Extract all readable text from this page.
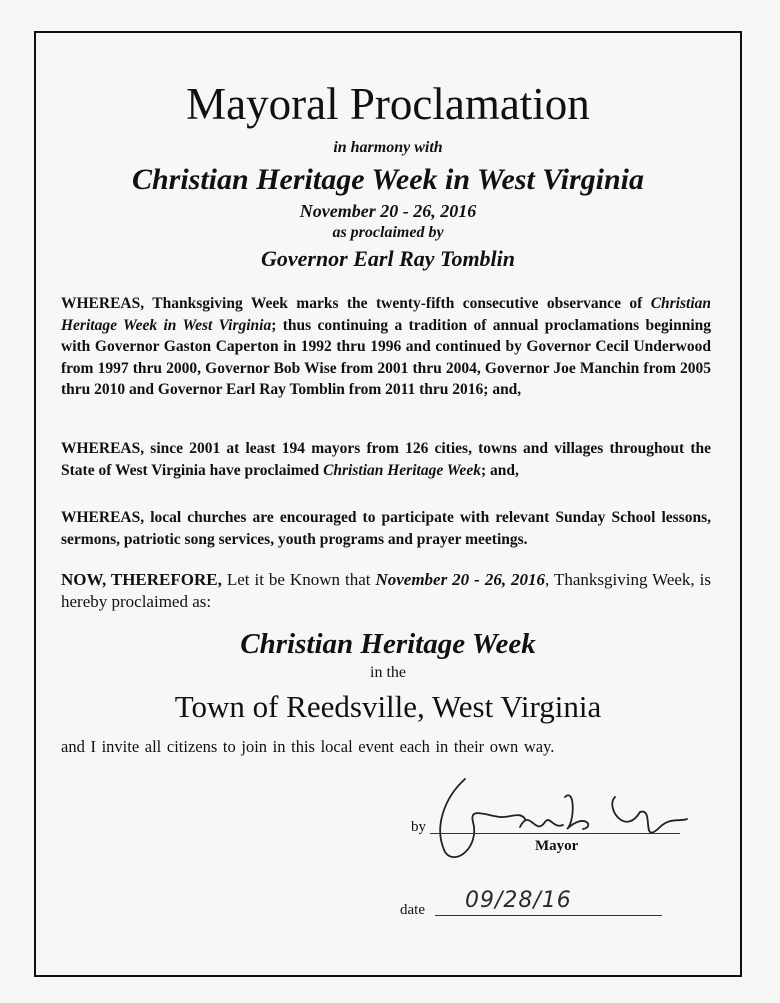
Mayoral Proclamation
in harmony with
Christian Heritage Week in West Virginia
November 20 - 26, 2016
as proclaimed by
Governor Earl Ray Tomblin
WHEREAS, Thanksgiving Week marks the twenty-fifth consecutive observance of Christian Heritage Week in West Virginia; thus continuing a tradition of annual proclamations beginning with Governor Gaston Caperton in 1992 thru 1996 and continued by Governor Cecil Underwood from 1997 thru 2000, Governor Bob Wise from 2001 thru 2004, Governor Joe Manchin from 2005 thru 2010 and Governor Earl Ray Tomblin from 2011 thru 2016; and,
WHEREAS, since 2001 at least 194 mayors from 126 cities, towns and villages throughout the State of West Virginia have proclaimed Christian Heritage Week; and,
WHEREAS, local churches are encouraged to participate with relevant Sunday School lessons, sermons, patriotic song services, youth programs and prayer meetings.
NOW, THEREFORE, Let it be Known that November 20 - 26, 2016, Thanksgiving Week, is hereby proclaimed as:
Christian Heritage Week
in the
Town of Reedsville, West Virginia
and I invite all citizens to join in this local event each in their own way.
by
Mayor
date 09/28/16
